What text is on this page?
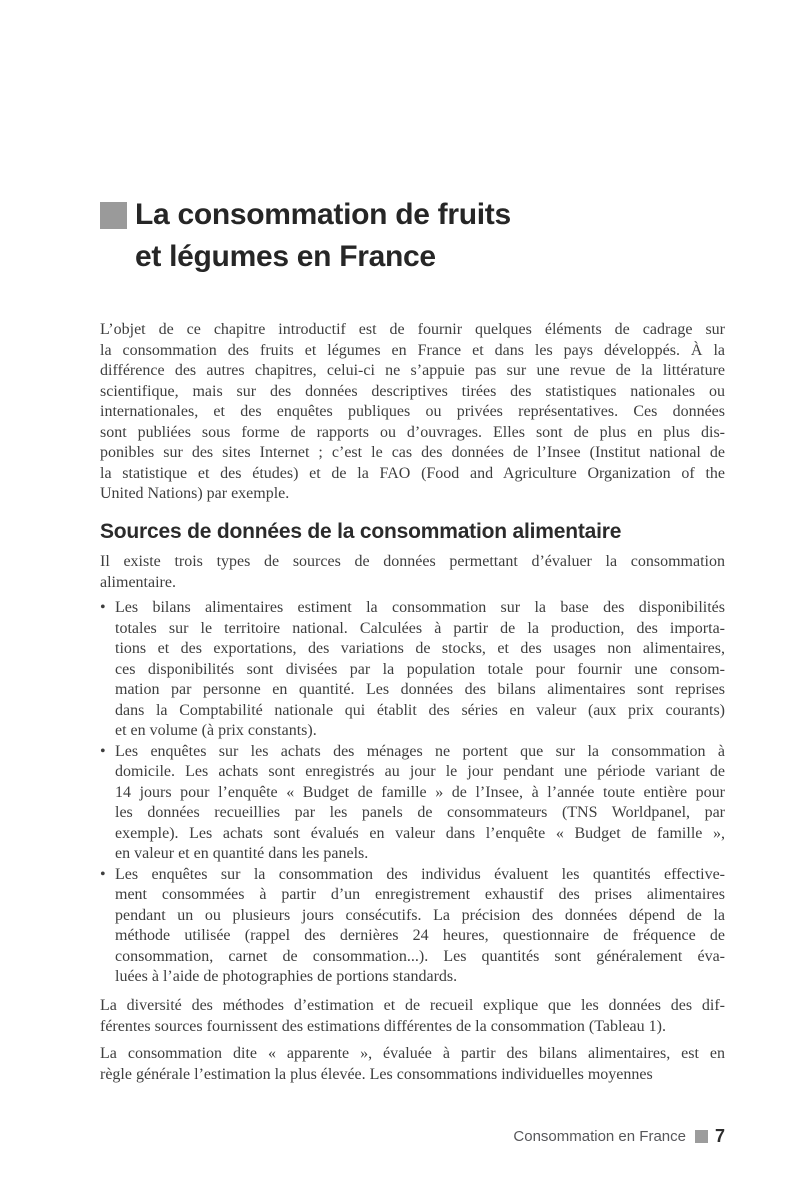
La consommation de fruits
et légumes en France
L’objet de ce chapitre introductif est de fournir quelques éléments de cadrage sur
la consommation des fruits et légumes en France et dans les pays développés. À la
différence des autres chapitres, celui-ci ne s’appuie pas sur une revue de la littérature
scientifique, mais sur des données descriptives tirées des statistiques nationales ou
internationales, et des enquêtes publiques ou privées représentatives. Ces données
sont publiées sous forme de rapports ou d’ouvrages. Elles sont de plus en plus dis-
ponibles sur des sites Internet ; c’est le cas des données de l’Insee (Institut national de
la statistique et des études) et de la FAO (Food and Agriculture Organization of the
United Nations) par exemple.
Sources de données de la consommation alimentaire
Il existe trois types de sources de données permettant d’évaluer la consommation
alimentaire.
• Les bilans alimentaires estiment la consommation sur la base des disponibilités
totales sur le territoire national. Calculées à partir de la production, des importa-
tions et des exportations, des variations de stocks, et des usages non alimentaires,
ces disponibilités sont divisées par la population totale pour fournir une consom-
mation par personne en quantité. Les données des bilans alimentaires sont reprises
dans la Comptabilité nationale qui établit des séries en valeur (aux prix courants)
et en volume (à prix constants).
• Les enquêtes sur les achats des ménages ne portent que sur la consommation à
domicile. Les achats sont enregistrés au jour le jour pendant une période variant de
14 jours pour l’enquête « Budget de famille » de l’Insee, à l’année toute entière pour
les données recueillies par les panels de consommateurs (TNS Worldpanel, par
exemple). Les achats sont évalués en valeur dans l’enquête « Budget de famille »,
en valeur et en quantité dans les panels.
• Les enquêtes sur la consommation des individus évaluent les quantités effective-
ment consommées à partir d’un enregistrement exhaustif des prises alimentaires
pendant un ou plusieurs jours consécutifs. La précision des données dépend de la
méthode utilisée (rappel des dernières 24 heures, questionnaire de fréquence de
consommation, carnet de consommation...). Les quantités sont généralement éva-
luées à l’aide de photographies de portions standards.
La diversité des méthodes d’estimation et de recueil explique que les données des dif-
férentes sources fournissent des estimations différentes de la consommation (Tableau 1).
La consommation dite « apparente », évaluée à partir des bilans alimentaires, est en
règle générale l’estimation la plus élevée. Les consommations individuelles moyennes
Consommation en France 7
